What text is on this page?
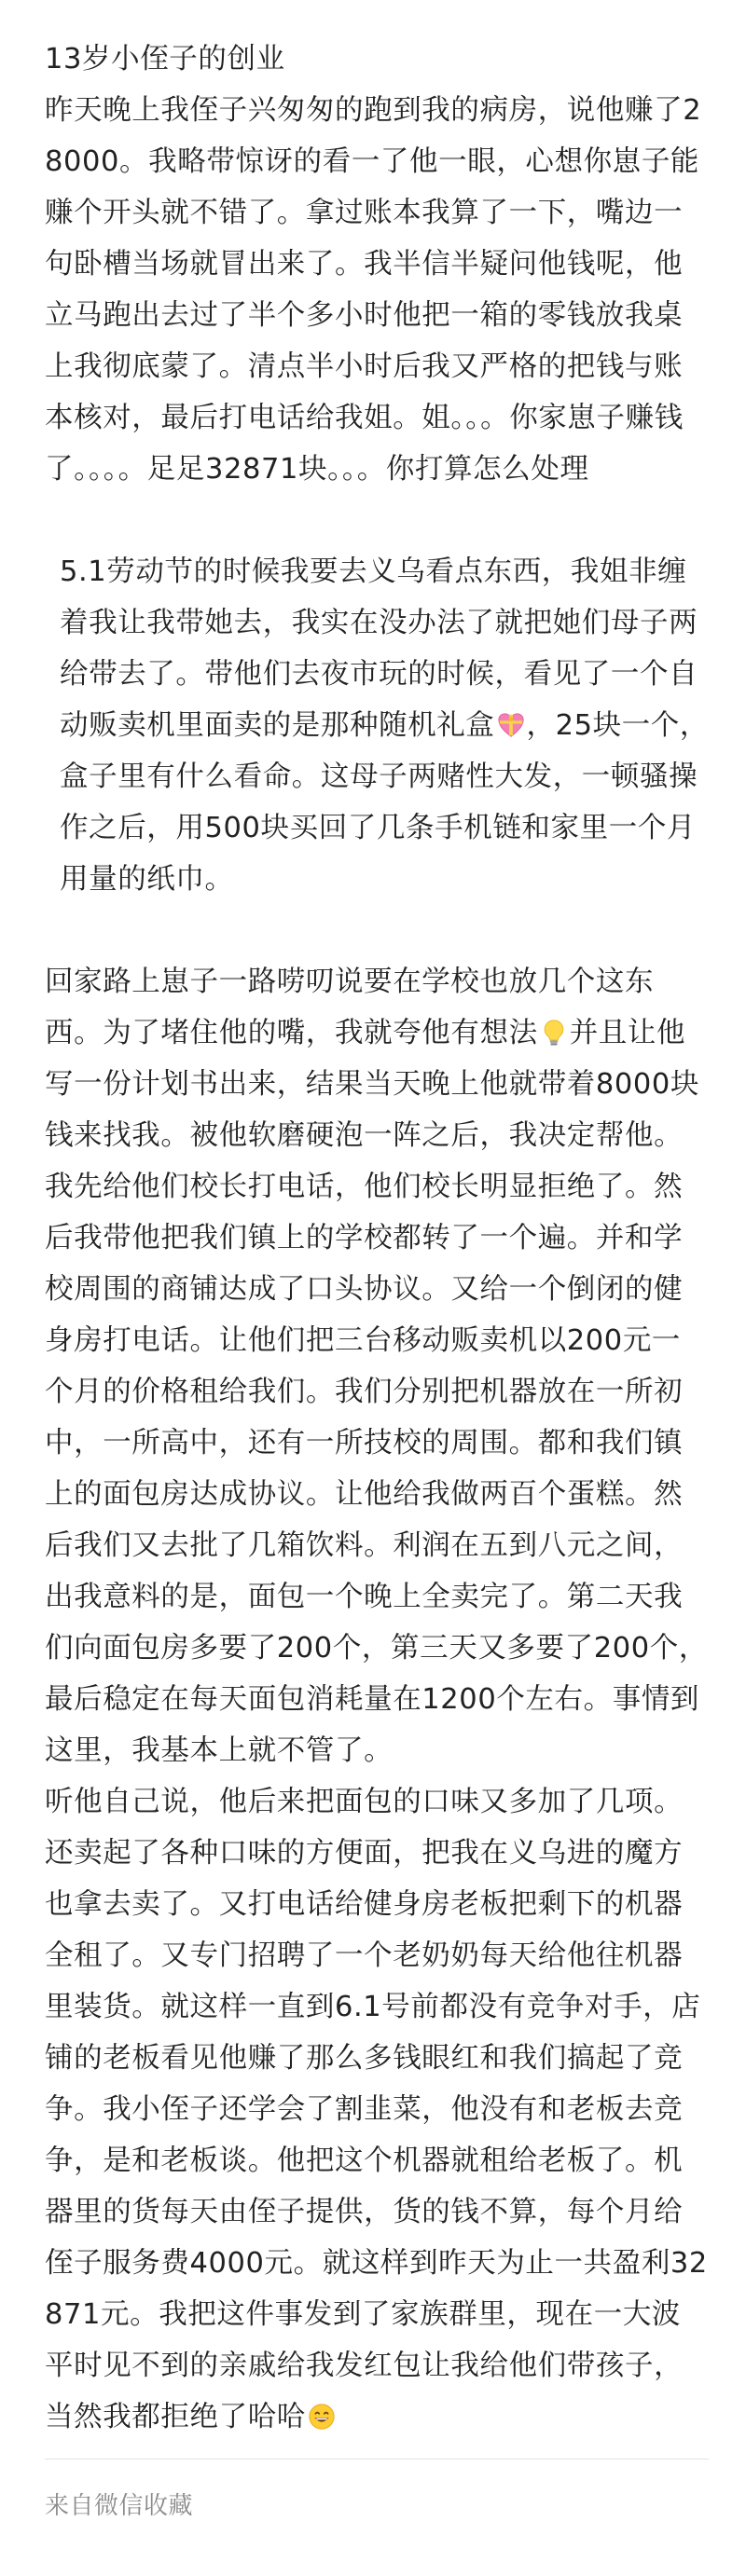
13岁小侄子的创业

昨天晚上我侄子兴匆匆的跑到我的病房，说他赚了28000。我略带惊讶的看一了他一眼，心想你崽子能赚个开头就不错了。拿过账本我算了一下，嘴边一句卧槽当场就冒出来了。我半信半疑问他钱呢，他立马跑出去过了半个多小时他把一箱的零钱放我桌上我彻底蒙了。清点半小时后我又严格的把钱与账本核对，最后打电话给我姐。姐。。。你家崽子赚钱了。。。。足足32871块。。。你打算怎么处理

5.1劳动节的时候我要去义乌看点东西，我姐非缠着我让我带她去，我实在没办法了就把她们母子两给带去了。带他们去夜市玩的时候，看见了一个自动贩卖机里面卖的是那种随机礼盒 ，25块一个，盒子里有什么看命。这母子两赌性大发，一顿骚操作之后，用500块买回了几条手机链和家里一个月用量的纸巾。

回家路上崽子一路唠叨说要在学校也放几个这东西。为了堵住他的嘴，我就夸他有想法 并且让他写一份计划书出来，结果当天晚上他就带着8000块钱来找我。被他软磨硬泡一阵之后，我决定帮他。

我先给他们校长打电话，他们校长明显拒绝了。然后我带他把我们镇上的学校都转了一个遍。并和学校周围的商铺达成了口头协议。又给一个倒闭的健身房打电话。让他们把三台移动贩卖机以200元一个月的价格租给我们。我们分别把机器放在一所初中，一所高中，还有一所技校的周围。都和我们镇上的面包房达成协议。让他给我做两百个蛋糕。然后我们又去批了几箱饮料。利润在五到八元之间，出我意料的是，面包一个晚上全卖完了。第二天我们向面包房多要了200个，第三天又多要了200个，最后稳定在每天面包消耗量在1200个左右。事情到这里，我基本上就不管了。

听他自己说，他后来把面包的口味又多加了几项。还卖起了各种口味的方便面，把我在义乌进的魔方也拿去卖了。又打电话给健身房老板把剩下的机器全租了。又专门招聘了一个老奶奶每天给他往机器里装货。就这样一直到6.1号前都没有竞争对手，店铺的老板看见他赚了那么多钱眼红和我们搞起了竞争。我小侄子还学会了割韭菜，他没有和老板去竞争，是和老板谈。他把这个机器就租给老板了。机器里的货每天由侄子提供，货的钱不算，每个月给侄子服务费4000元。就这样到昨天为止一共盈利32871元。我把这件事发到了家族群里，现在一大波平时见不到的亲戚给我发红包让我给他们带孩子，当然我都拒绝了哈哈

来自微信收藏
